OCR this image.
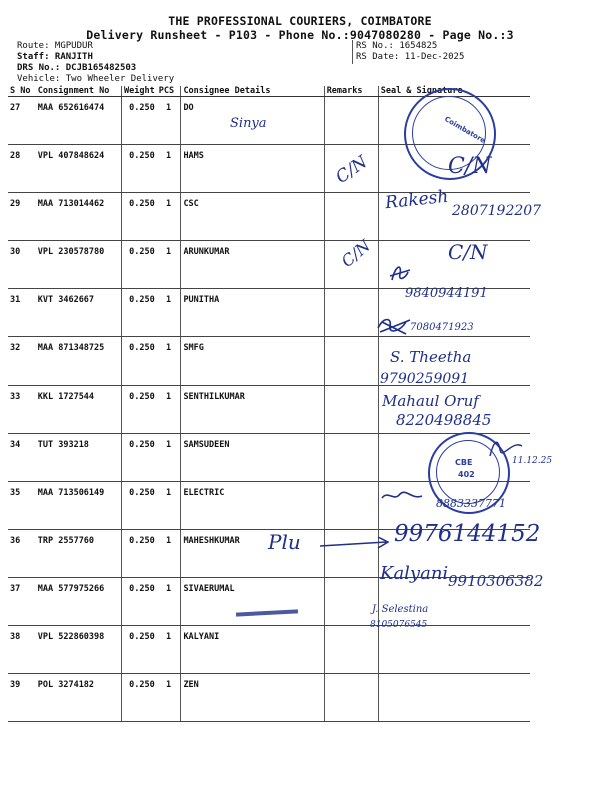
THE PROFESSIONAL COURIERS, COIMBATORE
Delivery Runsheet - P103 - Phone No.:9047080280 - Page No.:3
Route: MGPUDUR
Staff: RANJITH
DRS No.: DCJB165482503
Vehicle: Two Wheeler Delivery
RS No.: 1654825
RS Date: 11-Dec-2025
S No	Consignment No	Weight	PCS	Consignee Details	Remarks	Seal & Signature
27	MAA 652616474	0.250	1	DO		
28	VPL 407848624	0.250	1	HAMS		
29	MAA 713014462	0.250	1	CSC		
30	VPL 230578780	0.250	1	ARUNKUMAR		
31	KVT 3462667	0.250	1	PUNITHA		
32	MAA 871348725	0.250	1	SMFG		
33	KKL 1727544	0.250	1	SENTHILKUMAR		
34	TUT 393218	0.250	1	SAMSUDEEN		
35	MAA 713506149	0.250	1	ELECTRIC		
36	TRP 2557760	0.250	1	MAHESHKUMAR		
37	MAA 577975266	0.250	1	SIVAERUMAL		
38	VPL 522860398	0.250	1	KALYANI		
39	POL 3274182	0.250	1	ZEN		
Coimbatore
CBE
402
Sinya
C/N	C/N
Rakesh 2807192207
C/N	C/N
9840944191
7080471923
S. Theetha
9790259091
Mahaul Oruf
8220498845
11.12.25
8883337771
Plu	9976144152
Kalyani 9910306382
J. Selestina
8105076545
